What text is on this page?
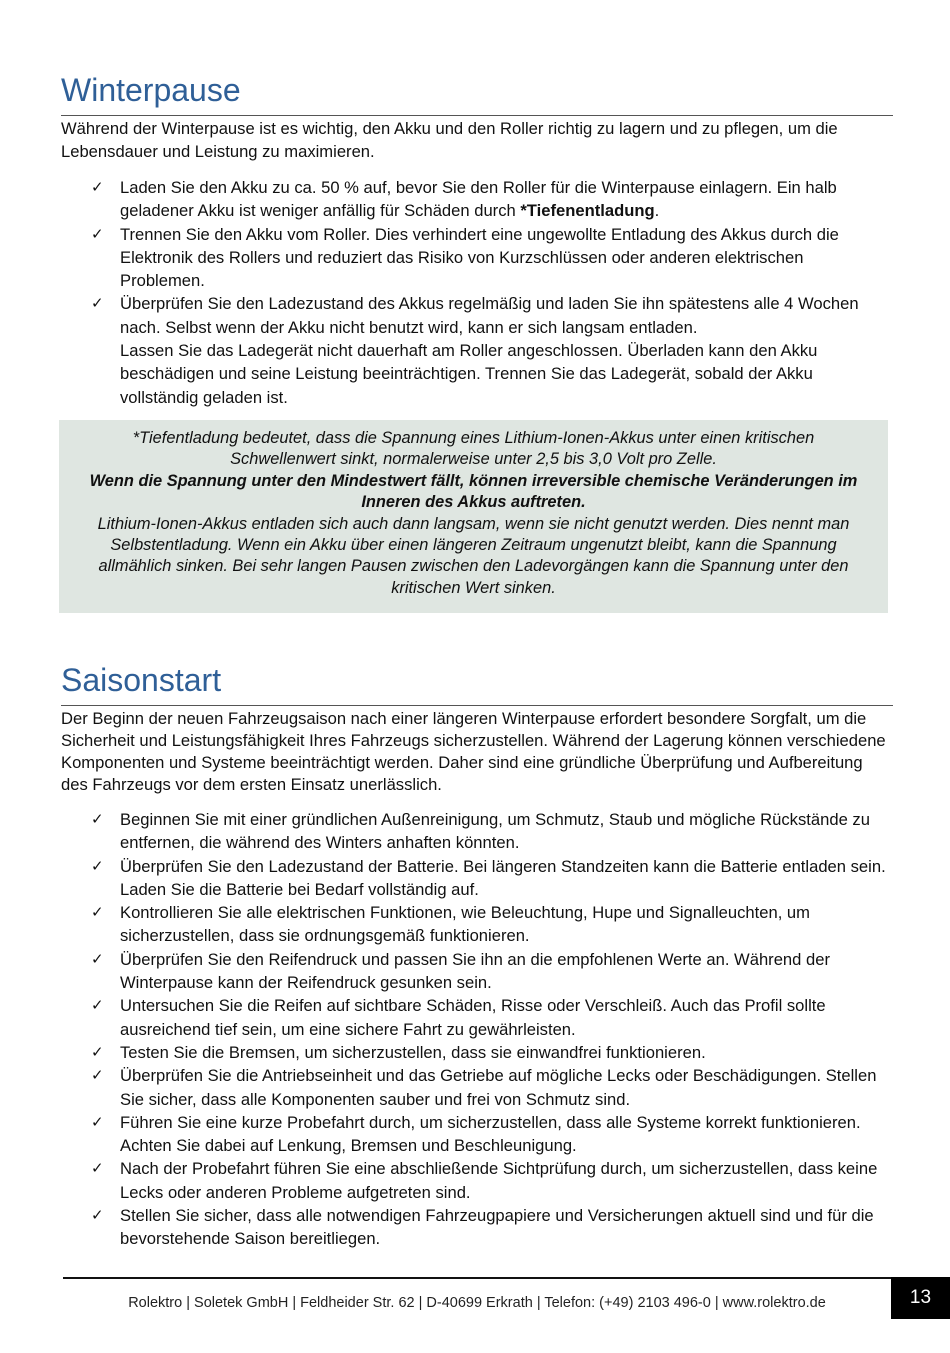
Winterpause
Während der Winterpause ist es wichtig, den Akku und den Roller richtig zu lagern und zu pflegen, um die Lebensdauer und Leistung zu maximieren.
✓ Laden Sie den Akku zu ca. 50 % auf, bevor Sie den Roller für die Winterpause einlagern. Ein halb geladener Akku ist weniger anfällig für Schäden durch *Tiefenentladung.
✓ Trennen Sie den Akku vom Roller. Dies verhindert eine ungewollte Entladung des Akkus durch die Elektronik des Rollers und reduziert das Risiko von Kurzschlüssen oder anderen elektrischen Problemen.
✓ Überprüfen Sie den Ladezustand des Akkus regelmäßig und laden Sie ihn spätestens alle 4 Wochen nach. Selbst wenn der Akku nicht benutzt wird, kann er sich langsam entladen.
Lassen Sie das Ladegerät nicht dauerhaft am Roller angeschlossen. Überladen kann den Akku beschädigen und seine Leistung beeinträchtigen. Trennen Sie das Ladegerät, sobald der Akku vollständig geladen ist.
*Tiefentladung bedeutet, dass die Spannung eines Lithium-Ionen-Akkus unter einen kritischen Schwellenwert sinkt, normalerweise unter 2,5 bis 3,0 Volt pro Zelle.
Wenn die Spannung unter den Mindestwert fällt, können irreversible chemische Veränderungen im Inneren des Akkus auftreten.
Lithium-Ionen-Akkus entladen sich auch dann langsam, wenn sie nicht genutzt werden. Dies nennt man Selbstentladung. Wenn ein Akku über einen längeren Zeitraum ungenutzt bleibt, kann die Spannung allmählich sinken. Bei sehr langen Pausen zwischen den Ladevorgängen kann die Spannung unter den kritischen Wert sinken.
Saisonstart
Der Beginn der neuen Fahrzeugsaison nach einer längeren Winterpause erfordert besondere Sorgfalt, um die Sicherheit und Leistungsfähigkeit Ihres Fahrzeugs sicherzustellen. Während der Lagerung können verschiedene Komponenten und Systeme beeinträchtigt werden. Daher sind eine gründliche Überprüfung und Aufbereitung des Fahrzeugs vor dem ersten Einsatz unerlässlich.
✓ Beginnen Sie mit einer gründlichen Außenreinigung, um Schmutz, Staub und mögliche Rückstände zu entfernen, die während des Winters anhaften könnten.
✓ Überprüfen Sie den Ladezustand der Batterie. Bei längeren Standzeiten kann die Batterie entladen sein. Laden Sie die Batterie bei Bedarf vollständig auf.
✓ Kontrollieren Sie alle elektrischen Funktionen, wie Beleuchtung, Hupe und Signalleuchten, um sicherzustellen, dass sie ordnungsgemäß funktionieren.
✓ Überprüfen Sie den Reifendruck und passen Sie ihn an die empfohlenen Werte an. Während der Winterpause kann der Reifendruck gesunken sein.
✓ Untersuchen Sie die Reifen auf sichtbare Schäden, Risse oder Verschleiß. Auch das Profil sollte ausreichend tief sein, um eine sichere Fahrt zu gewährleisten.
✓ Testen Sie die Bremsen, um sicherzustellen, dass sie einwandfrei funktionieren.
✓ Überprüfen Sie die Antriebseinheit und das Getriebe auf mögliche Lecks oder Beschädigungen. Stellen Sie sicher, dass alle Komponenten sauber und frei von Schmutz sind.
✓ Führen Sie eine kurze Probefahrt durch, um sicherzustellen, dass alle Systeme korrekt funktionieren. Achten Sie dabei auf Lenkung, Bremsen und Beschleunigung.
✓ Nach der Probefahrt führen Sie eine abschließende Sichtprüfung durch, um sicherzustellen, dass keine Lecks oder anderen Probleme aufgetreten sind.
✓ Stellen Sie sicher, dass alle notwendigen Fahrzeugpapiere und Versicherungen aktuell sind und für die bevorstehende Saison bereitliegen.
Rolektro | Soletek GmbH | Feldheider Str. 62 | D-40699 Erkrath | Telefon: (+49) 2103 496-0 | www.rolektro.de	13
